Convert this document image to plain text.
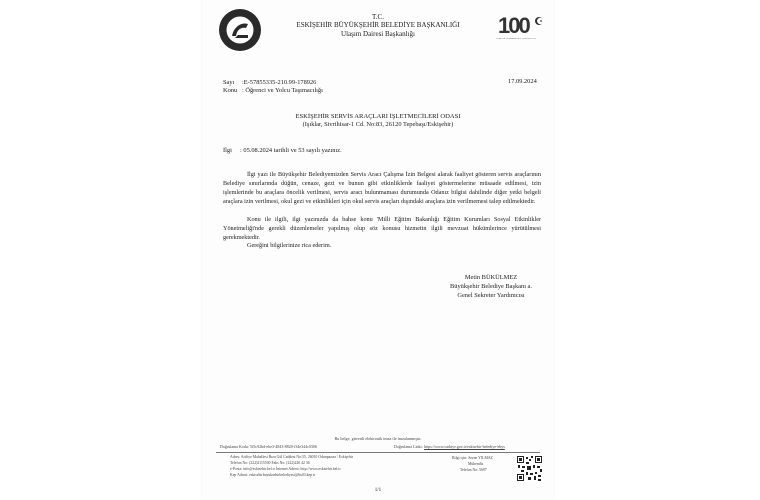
T.C.
ESKİŞEHİR BÜYÜKŞEHİR BELEDİYE BAŞKANLIĞI
Ulaşım Dairesi Başkanlığı	100
TÜRKİYE CUMHURİYETİ YÜZÜNCÜ YIL
Sayı :E-57855335-210.99-178926	17.09.2024
Konu : Öğrenci ve Yolcu Taşımacılığı
ESKİŞEHİR SERVİS ARAÇLARI İŞLETMECİLERİ ODASI
(Işıklar, Sivrihisar-1 Cd. No:83, 26120 Tepebaşı/Eskişehir)
İlgi : 05.08.2024 tarihli ve 53 sayılı yazınız.
İlgi yazı ile Büyükşehir Belediyemizden Servis Aracı Çalışma İzin Belgesi alarak faaliyet gösteren servis araçlarının Belediye sınırlarında düğün, cenaze, gezi ve bunun gibi etkinliklerde faaliyet göstermelerine müsaade edilmesi, izin işlemlerinde bu araçlara öncelik verilmesi, servis aracı bulunmaması durumunda Odanız bilgisi dahilinde diğer yetki belgeli araçlara izin verilmesi, okul gezi ve etkinlikleri için okul servis araçları dışındaki araçlara izin verilmemesi talep edilmektedir.
Konu ile ilgili, ilgi yazınızda da bahse konu 'Milli Eğitim Bakanlığı Eğitim Kurumları Sosyal Etkinlikler Yönetmeliği'nde gerekli düzenlemeler yapılmış olup söz konusu hizmetin ilgili mevzuat hükümlerince yürütülmesi gerekmektedir.
Gereğini bilgilerinize rica ederim.
Metin BÜKÜLMEZ
Büyükşehir Belediye Başkanı a.
Genel Sekreter Yardımcısı
Bu belge, güvenli elektronik imza ile imzalanmıştır.
Doğrulama Kodu: 5f5c92bd-ebe3-4843-8828-f34e344c0306	Doğrulama Linki: https://www.turkiye.gov.tr/eskisehir-belediye-ebys
Adres: Arifiye Mahallesi Rıza Gül Caddesi No:55, 26010 Odunpazarı / Eskişehir
Telefon No: (222)2115500 Faks No: (222)220 42 36
e-Posta: info@eskisehir.bel.tr İnternet Adresi: http://www.eskisehir.bel.tr
Kep Adresi: eskisehirbuyuksehirbelediyesi@hs03.kep.tr
Bilgi için: Sezen YILMAZ
Mühendis
Telefon No: 5697
1/1
